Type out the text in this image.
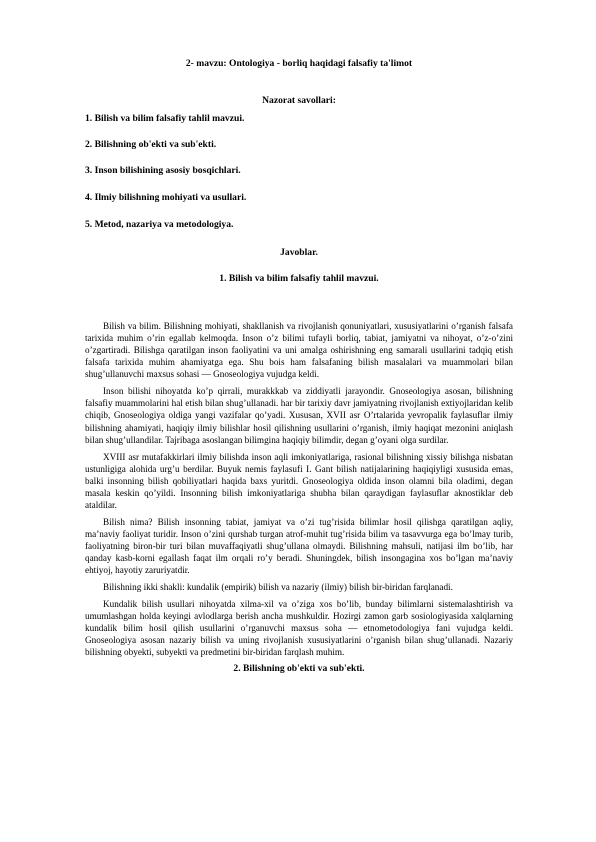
2- mavzu: Ontologiya - borliq haqidagi falsafiy ta'limot
Nazorat savollari:
1. Bilish va bilim falsafiy tahlil mavzui.
2. Bilishning ob'ekti va sub'ekti.
3. Inson bilishining asosiy bosqichlari.
4. Ilmiy bilishning mohiyati va usullari.
5. Metod, nazariya va metodologiya.
Javoblar.
1. Bilish va bilim falsafiy tahlil mavzui.

Bilish va bilim. Bilishning mohiyati, shakllanish va rivojlanish qonuniyatlari, xususiyatlarini o’rganish falsafa tarixida muhim o’rin egallab kelmoqda. Inson o’z bilimi tufayli borliq, tabiat, jamiyatni va nihoyat, o’z-o’zini o’zgartiradi. Bilishga qaratilgan inson faoliyatini va uni amalga oshirishning eng samarali usullarini tadqiq etish falsafa tarixida muhim ahamiyatga ega. Shu bois ham falsafaning bilish masalalari va muammolari bilan shug’ullanuvchi maxsus sohasi — Gnoseologiya vujudga keldi.

Inson bilishi nihoyatda ko’p qirrali, murakkkab va ziddiyatli jarayondir. Gnoseologiya asosan, bilishning falsafiy muammolarini hal etish bilan shug’ullanadi. har bir tarixiy davr jamiyatning rivojlanish extiyojlaridan kelib chiqib, Gnoseologiya oldiga yangi vazifalar qo’yadi. Xususan, XVII asr O’rtalarida yevropalik faylasuflar ilmiy bilishning ahamiyati, haqiqiy ilmiy bilishlar hosil qilishning usullarini o’rganish, ilmiy haqiqat mezonini aniqlash bilan shug’ullandilar. Tajribaga asoslangan bilimgina haqiqiy bilimdir, degan g’oyani olga surdilar.

XVIII asr mutafakkirlari ilmiy bilishda inson aqli imkoniyatlariga, rasional bilishning xissiy bilishga nisbatan ustunligiga alohida urg’u berdilar. Buyuk nemis faylasufi I. Gant bilish natijalarining haqiqiyligi xususida emas, balki insonning bilish qobiliyatlari haqida baxs yuritdi. Gnoseologiya oldida inson olamni bila oladimi, degan masala keskin qo’yildi. Insonning bilish imkoniyatlariga shubha bilan qaraydigan faylasuflar aknostiklar deb ataldilar.

Bilish nima? Bilish insonning tabiat, jamiyat va o’zi tug’risida bilimlar hosil qilishga qaratilgan aqliy, ma’naviy faoliyat turidir. Inson o’zini qurshab turgan atrof-muhit tug’risida bilim va tasavvurga ega bo’lmay turib, faoliyatning biron-bir turi bilan muvaffaqiyatli shug’ullana olmaydi. Bilishning mahsuli, natijasi ilm bo’lib, har qanday kasb-korni egallash faqat ilm orqali ro’y beradi. Shuningdek, bilish insongagina xos bo’lgan ma’naviy ehtiyoj, hayotiy zaruriyatdir.

Bilishning ikki shakli: kundalik (empirik) bilish va nazariy (ilmiy) bilish bir-biridan farqlanadi.

Kundalik bilish usullari nihoyatda xilma-xil va o’ziga xos bo’lib, bunday bilimlarni sistemalashtirish va umumlashgan holda keyingi avlodlarga berish ancha mushkuldir. Hozirgi zamon garb sosiologiyasida xalqlarning kundalik bilim hosil qilish usullarini o’rganuvchi maxsus soha — etnometodologiya fani vujudga keldi. Gnoseologiya asosan nazariy bilish va uning rivojlanish xususiyatlarini o’rganish bilan shug’ullanadi. Nazariy bilishning obyekti, subyekti va predmetini bir-biridan farqlash muhim.

2. Bilishning ob'ekti va sub'ekti.
